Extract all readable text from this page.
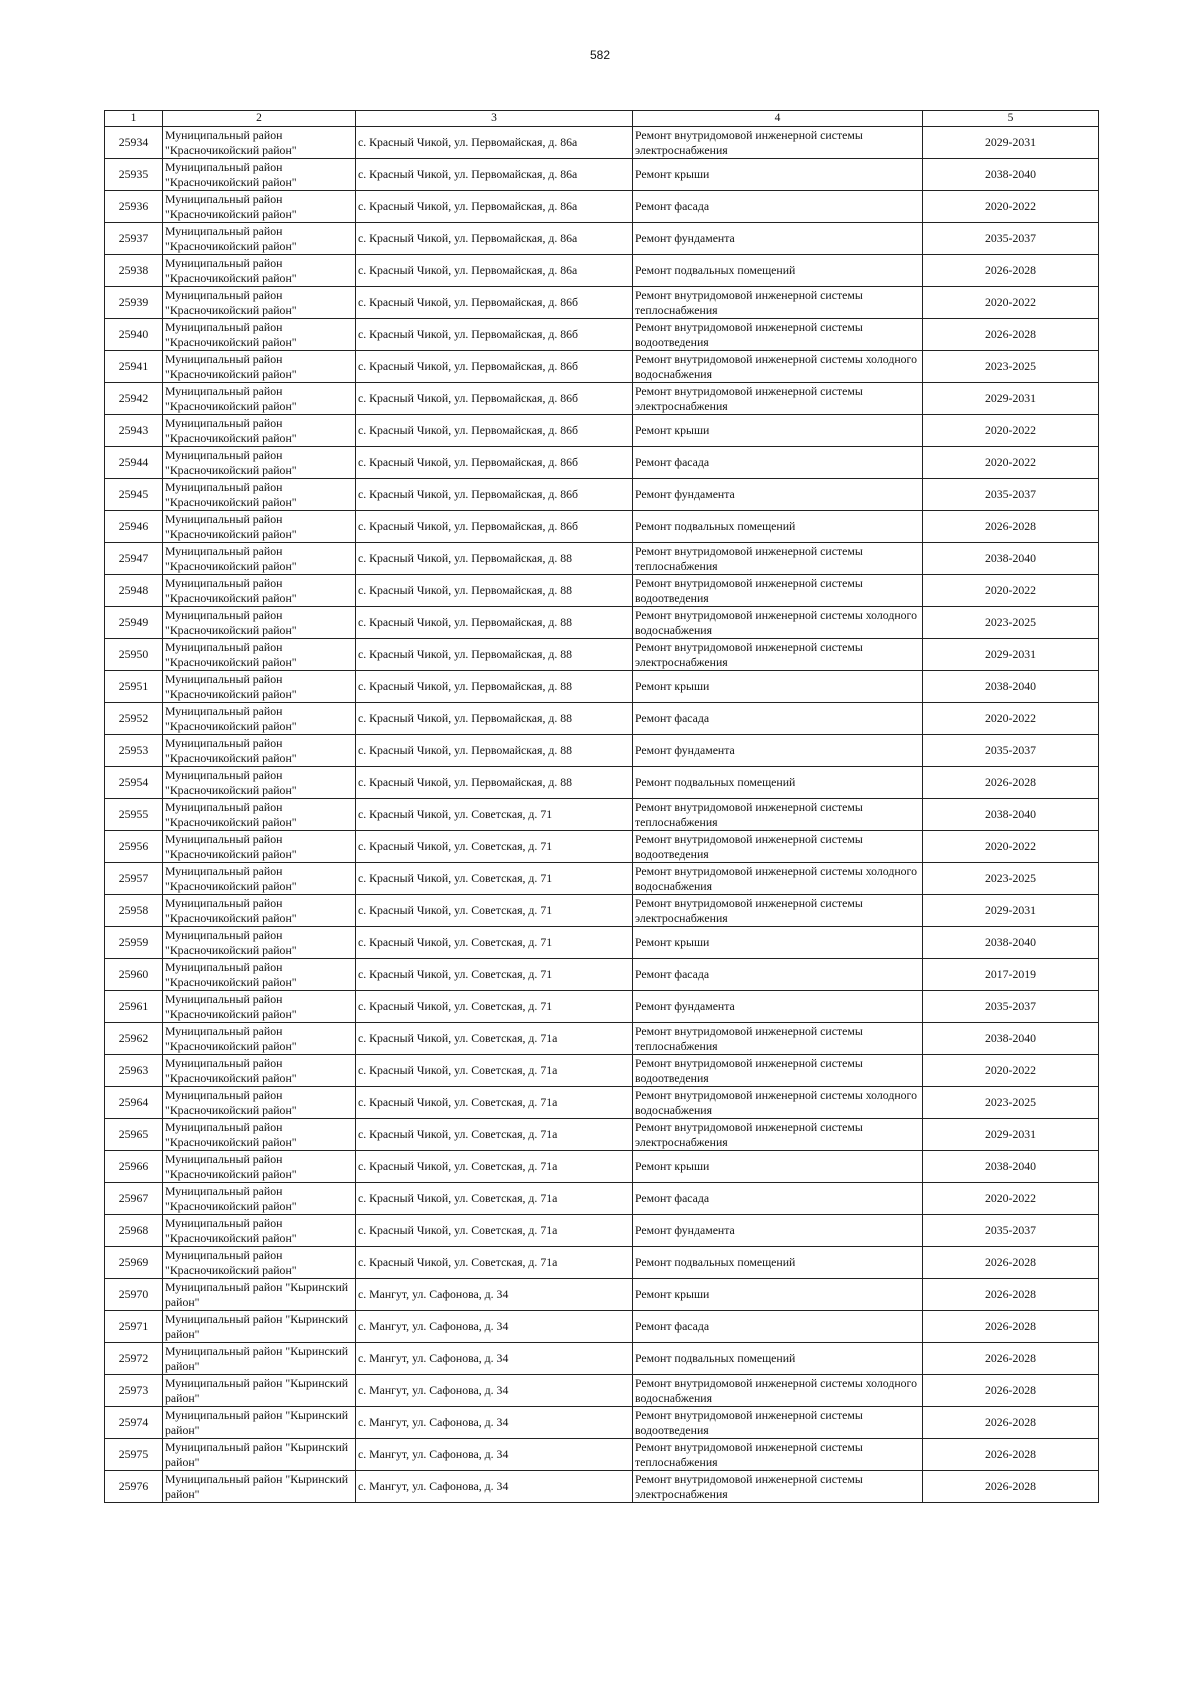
582
1	2	3	4	5
25934	Муниципальный район "Красночикойский район"	с. Красный Чикой, ул. Первомайская, д. 86а	Ремонт внутридомовой инженерной системы электроснабжения	2029-2031
25935	Муниципальный район "Красночикойский район"	с. Красный Чикой, ул. Первомайская, д. 86а	Ремонт крыши	2038-2040
25936	Муниципальный район "Красночикойский район"	с. Красный Чикой, ул. Первомайская, д. 86а	Ремонт фасада	2020-2022
25937	Муниципальный район "Красночикойский район"	с. Красный Чикой, ул. Первомайская, д. 86а	Ремонт фундамента	2035-2037
25938	Муниципальный район "Красночикойский район"	с. Красный Чикой, ул. Первомайская, д. 86а	Ремонт подвальных помещений	2026-2028
25939	Муниципальный район "Красночикойский район"	с. Красный Чикой, ул. Первомайская, д. 86б	Ремонт внутридомовой инженерной системы теплоснабжения	2020-2022
25940	Муниципальный район "Красночикойский район"	с. Красный Чикой, ул. Первомайская, д. 86б	Ремонт внутридомовой инженерной системы водоотведения	2026-2028
25941	Муниципальный район "Красночикойский район"	с. Красный Чикой, ул. Первомайская, д. 86б	Ремонт внутридомовой инженерной системы холодного водоснабжения	2023-2025
25942	Муниципальный район "Красночикойский район"	с. Красный Чикой, ул. Первомайская, д. 86б	Ремонт внутридомовой инженерной системы электроснабжения	2029-2031
25943	Муниципальный район "Красночикойский район"	с. Красный Чикой, ул. Первомайская, д. 86б	Ремонт крыши	2020-2022
25944	Муниципальный район "Красночикойский район"	с. Красный Чикой, ул. Первомайская, д. 86б	Ремонт фасада	2020-2022
25945	Муниципальный район "Красночикойский район"	с. Красный Чикой, ул. Первомайская, д. 86б	Ремонт фундамента	2035-2037
25946	Муниципальный район "Красночикойский район"	с. Красный Чикой, ул. Первомайская, д. 86б	Ремонт подвальных помещений	2026-2028
25947	Муниципальный район "Красночикойский район"	с. Красный Чикой, ул. Первомайская, д. 88	Ремонт внутридомовой инженерной системы теплоснабжения	2038-2040
25948	Муниципальный район "Красночикойский район"	с. Красный Чикой, ул. Первомайская, д. 88	Ремонт внутридомовой инженерной системы водоотведения	2020-2022
25949	Муниципальный район "Красночикойский район"	с. Красный Чикой, ул. Первомайская, д. 88	Ремонт внутридомовой инженерной системы холодного водоснабжения	2023-2025
25950	Муниципальный район "Красночикойский район"	с. Красный Чикой, ул. Первомайская, д. 88	Ремонт внутридомовой инженерной системы электроснабжения	2029-2031
25951	Муниципальный район "Красночикойский район"	с. Красный Чикой, ул. Первомайская, д. 88	Ремонт крыши	2038-2040
25952	Муниципальный район "Красночикойский район"	с. Красный Чикой, ул. Первомайская, д. 88	Ремонт фасада	2020-2022
25953	Муниципальный район "Красночикойский район"	с. Красный Чикой, ул. Первомайская, д. 88	Ремонт фундамента	2035-2037
25954	Муниципальный район "Красночикойский район"	с. Красный Чикой, ул. Первомайская, д. 88	Ремонт подвальных помещений	2026-2028
25955	Муниципальный район "Красночикойский район"	с. Красный Чикой, ул. Советская, д. 71	Ремонт внутридомовой инженерной системы теплоснабжения	2038-2040
25956	Муниципальный район "Красночикойский район"	с. Красный Чикой, ул. Советская, д. 71	Ремонт внутридомовой инженерной системы водоотведения	2020-2022
25957	Муниципальный район "Красночикойский район"	с. Красный Чикой, ул. Советская, д. 71	Ремонт внутридомовой инженерной системы холодного водоснабжения	2023-2025
25958	Муниципальный район "Красночикойский район"	с. Красный Чикой, ул. Советская, д. 71	Ремонт внутридомовой инженерной системы электроснабжения	2029-2031
25959	Муниципальный район "Красночикойский район"	с. Красный Чикой, ул. Советская, д. 71	Ремонт крыши	2038-2040
25960	Муниципальный район "Красночикойский район"	с. Красный Чикой, ул. Советская, д. 71	Ремонт фасада	2017-2019
25961	Муниципальный район "Красночикойский район"	с. Красный Чикой, ул. Советская, д. 71	Ремонт фундамента	2035-2037
25962	Муниципальный район "Красночикойский район"	с. Красный Чикой, ул. Советская, д. 71а	Ремонт внутридомовой инженерной системы теплоснабжения	2038-2040
25963	Муниципальный район "Красночикойский район"	с. Красный Чикой, ул. Советская, д. 71а	Ремонт внутридомовой инженерной системы водоотведения	2020-2022
25964	Муниципальный район "Красночикойский район"	с. Красный Чикой, ул. Советская, д. 71а	Ремонт внутридомовой инженерной системы холодного водоснабжения	2023-2025
25965	Муниципальный район "Красночикойский район"	с. Красный Чикой, ул. Советская, д. 71а	Ремонт внутридомовой инженерной системы электроснабжения	2029-2031
25966	Муниципальный район "Красночикойский район"	с. Красный Чикой, ул. Советская, д. 71а	Ремонт крыши	2038-2040
25967	Муниципальный район "Красночикойский район"	с. Красный Чикой, ул. Советская, д. 71а	Ремонт фасада	2020-2022
25968	Муниципальный район "Красночикойский район"	с. Красный Чикой, ул. Советская, д. 71а	Ремонт фундамента	2035-2037
25969	Муниципальный район "Красночикойский район"	с. Красный Чикой, ул. Советская, д. 71а	Ремонт подвальных помещений	2026-2028
25970	Муниципальный район "Кыринский район"	с. Мангут, ул. Сафонова, д. 34	Ремонт крыши	2026-2028
25971	Муниципальный район "Кыринский район"	с. Мангут, ул. Сафонова, д. 34	Ремонт фасада	2026-2028
25972	Муниципальный район "Кыринский район"	с. Мангут, ул. Сафонова, д. 34	Ремонт подвальных помещений	2026-2028
25973	Муниципальный район "Кыринский район"	с. Мангут, ул. Сафонова, д. 34	Ремонт внутридомовой инженерной системы холодного водоснабжения	2026-2028
25974	Муниципальный район "Кыринский район"	с. Мангут, ул. Сафонова, д. 34	Ремонт внутридомовой инженерной системы водоотведения	2026-2028
25975	Муниципальный район "Кыринский район"	с. Мангут, ул. Сафонова, д. 34	Ремонт внутридомовой инженерной системы теплоснабжения	2026-2028
25976	Муниципальный район "Кыринский район"	с. Мангут, ул. Сафонова, д. 34	Ремонт внутридомовой инженерной системы электроснабжения	2026-2028
